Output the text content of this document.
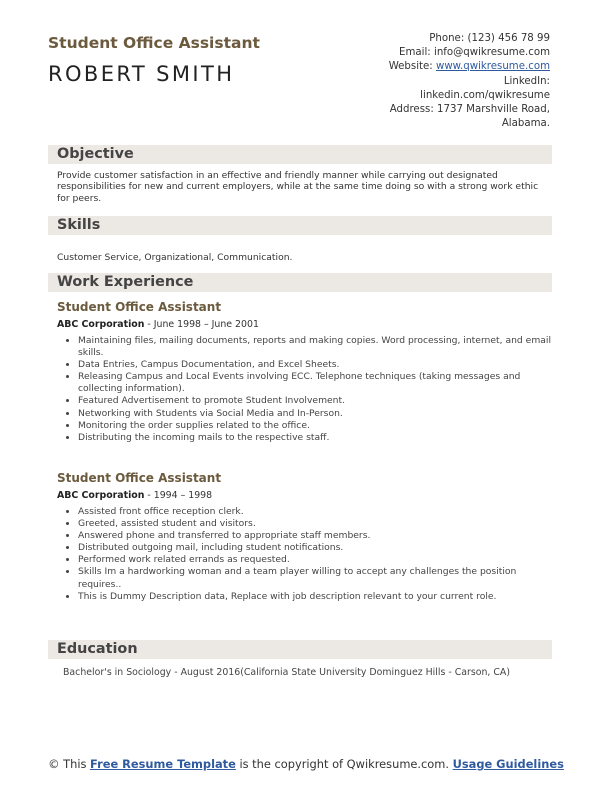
Student Office Assistant
ROBERT SMITH
Phone: (123) 456 78 99
Email: info@qwikresume.com
Website: www.qwikresume.com
LinkedIn:
linkedin.com/qwikresume
Address: 1737 Marshville Road,
Alabama.
Objective
Provide customer satisfaction in an effective and friendly manner while carrying out designated responsibilities for new and current employers, while at the same time doing so with a strong work ethic for peers.
Skills
Customer Service, Organizational, Communication.
Work Experience
Student Office Assistant
ABC Corporation - June 1998 – June 2001
• Maintaining files, mailing documents, reports and making copies. Word processing, internet, and email skills.
• Data Entries, Campus Documentation, and Excel Sheets.
• Releasing Campus and Local Events involving ECC. Telephone techniques (taking messages and collecting information).
• Featured Advertisement to promote Student Involvement.
• Networking with Students via Social Media and In-Person.
• Monitoring the order supplies related to the office.
• Distributing the incoming mails to the respective staff.
Student Office Assistant
ABC Corporation - 1994 – 1998
• Assisted front office reception clerk.
• Greeted, assisted student and visitors.
• Answered phone and transferred to appropriate staff members.
• Distributed outgoing mail, including student notifications.
• Performed work related errands as requested.
• Skills Im a hardworking woman and a team player willing to accept any challenges the position requires..
• This is Dummy Description data, Replace with job description relevant to your current role.
Education
Bachelor's in Sociology - August 2016(California State University Dominguez Hills - Carson, CA)
© This Free Resume Template is the copyright of Qwikresume.com. Usage Guidelines
